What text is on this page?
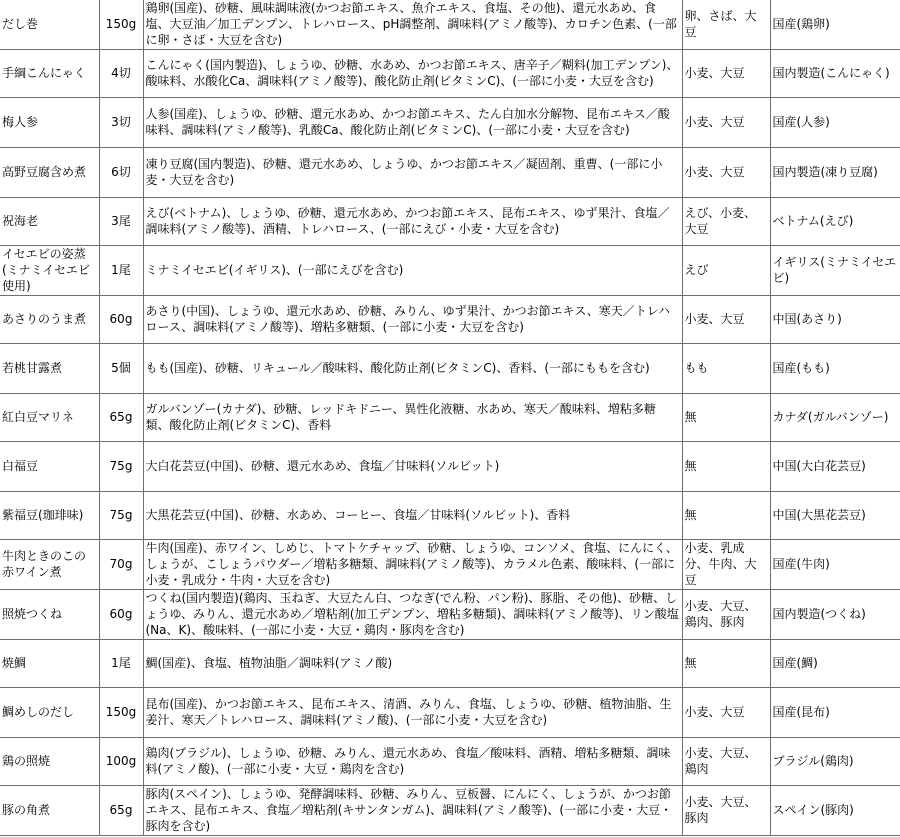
だし巻	150g	鶏卵(国産)、砂糖、風味調味液(かつお節エキス、魚介エキス、食塩、その他)、還元水あめ、食塩、大豆油／加工デンプン、トレハロース、pH調整剤、調味料(アミノ酸等)、カロチン色素、(一部に卵・さば・大豆を含む)	卵、さば、大豆	国産(鶏卵)
手綱こんにゃく	4切	こんにゃく(国内製造)、しょうゆ、砂糖、水あめ、かつお節エキス、唐辛子／糊料(加工デンプン)、酸味料、水酸化Ca、調味料(アミノ酸等)、酸化防止剤(ビタミンC)、(一部に小麦・大豆を含む)	小麦、大豆	国内製造(こんにゃく)
梅人参	3切	人参(国産)、しょうゆ、砂糖、還元水あめ、かつお節エキス、たん白加水分解物、昆布エキス／酸味料、調味料(アミノ酸等)、乳酸Ca、酸化防止剤(ビタミンC)、(一部に小麦・大豆を含む)	小麦、大豆	国産(人参)
高野豆腐含め煮	6切	凍り豆腐(国内製造)、砂糖、還元水あめ、しょうゆ、かつお節エキス／凝固剤、重曹、(一部に小麦・大豆を含む)	小麦、大豆	国内製造(凍り豆腐)
祝海老	3尾	えび(ベトナム)、しょうゆ、砂糖、還元水あめ、かつお節エキス、昆布エキス、ゆず果汁、食塩／調味料(アミノ酸等)、酒精、トレハロース、(一部にえび・小麦・大豆を含む)	えび、小麦、大豆	ベトナム(えび)
イセエビの姿蒸(ミナミイセエビ使用)	1尾	ミナミイセエビ(イギリス)、(一部にえびを含む)	えび	イギリス(ミナミイセエビ)
あさりのうま煮	60g	あさり(中国)、しょうゆ、還元水あめ、砂糖、みりん、ゆず果汁、かつお節エキス、寒天／トレハロース、調味料(アミノ酸等)、増粘多糖類、(一部に小麦・大豆を含む)	小麦、大豆	中国(あさり)
若桃甘露煮	5個	もも(国産)、砂糖、リキュール／酸味料、酸化防止剤(ビタミンC)、香料、(一部にももを含む)	もも	国産(もも)
紅白豆マリネ	65g	ガルバンゾー(カナダ)、砂糖、レッドキドニー、異性化液糖、水あめ、寒天／酸味料、増粘多糖類、酸化防止剤(ビタミンC)、香料	無	カナダ(ガルバンゾー)
白福豆	75g	大白花芸豆(中国)、砂糖、還元水あめ、食塩／甘味料(ソルビット)	無	中国(大白花芸豆)
紫福豆(珈琲味)	75g	大黒花芸豆(中国)、砂糖、水あめ、コーヒー、食塩／甘味料(ソルビット)、香料	無	中国(大黒花芸豆)
牛肉ときのこの赤ワイン煮	70g	牛肉(国産)、赤ワイン、しめじ、トマトケチャップ、砂糖、しょうゆ、コンソメ、食塩、にんにく、しょうが、こしょうパウダー／増粘多糖類、調味料(アミノ酸等)、カラメル色素、酸味料、(一部に小麦・乳成分・牛肉・大豆を含む)	小麦、乳成分、牛肉、大豆	国産(牛肉)
照焼つくね	60g	つくね(国内製造)(鶏肉、玉ねぎ、大豆たん白、つなぎ(でん粉、パン粉)、豚脂、その他)、砂糖、しょうゆ、みりん、還元水あめ／増粘剤(加工デンプン、増粘多糖類)、調味料(アミノ酸等)、リン酸塩(Na、K)、酸味料、(一部に小麦・大豆・鶏肉・豚肉を含む)	小麦、大豆、鶏肉、豚肉	国内製造(つくね)
焼鯛	1尾	鯛(国産)、食塩、植物油脂／調味料(アミノ酸)	無	国産(鯛)
鯛めしのだし	150g	昆布(国産)、かつお節エキス、昆布エキス、清酒、みりん、食塩、しょうゆ、砂糖、植物油脂、生姜汁、寒天／トレハロース、調味料(アミノ酸)、(一部に小麦・大豆を含む)	小麦、大豆	国産(昆布)
鶏の照焼	100g	鶏肉(ブラジル)、しょうゆ、砂糖、みりん、還元水あめ、食塩／酸味料、酒精、増粘多糖類、調味料(アミノ酸)、(一部に小麦・大豆・鶏肉を含む)	小麦、大豆、鶏肉	ブラジル(鶏肉)
豚の角煮	65g	豚肉(スペイン)、しょうゆ、発酵調味料、砂糖、みりん、豆板醤、にんにく、しょうが、かつお節エキス、昆布エキス、食塩／増粘剤(キサンタンガム)、調味料(アミノ酸等)、(一部に小麦・大豆・豚肉を含む)	小麦、大豆、豚肉	スペイン(豚肉)
